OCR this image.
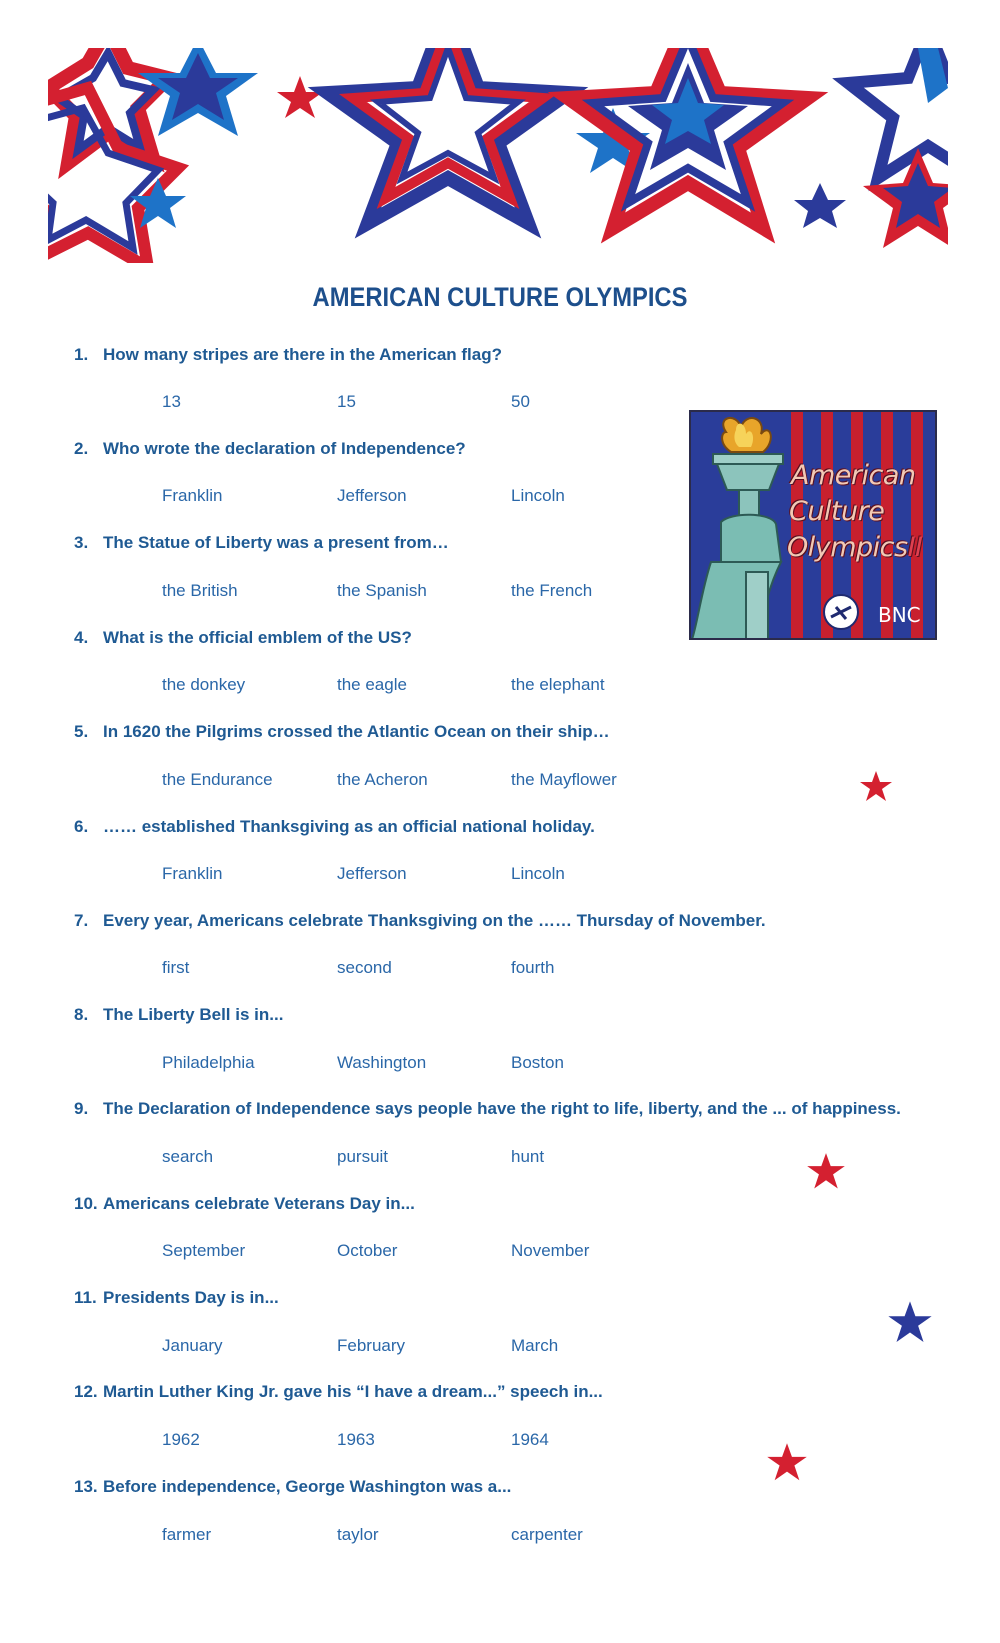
AMERICAN CULTURE OLYMPICS
BNC
American
Culture
OlympicsII
1. How many stripes are there in the American flag?
13	15	50
2. Who wrote the declaration of Independence?
Franklin	Jefferson	Lincoln
3. The Statue of Liberty was a present from…
the British	the Spanish	the French
4. What is the official emblem of the US?
the donkey	the eagle	the elephant
5. In 1620 the Pilgrims crossed the Atlantic Ocean on their ship…
the Endurance	the Acheron	the Mayflower
6. …… established Thanksgiving as an official national holiday.
Franklin	Jefferson	Lincoln
7. Every year, Americans celebrate Thanksgiving on the …… Thursday of November.
first	second	fourth
8. The Liberty Bell is in...
Philadelphia	Washington	Boston
9. The Declaration of Independence says people have the right to life, liberty, and the ... of happiness.
search	pursuit	hunt
10. Americans celebrate Veterans Day in...
September	October	November
11. Presidents Day is in...
January	February	March
12. Martin Luther King Jr. gave his “I have a dream...” speech in...
1962	1963	1964
13. Before independence, George Washington was a...
farmer	taylor	carpenter
